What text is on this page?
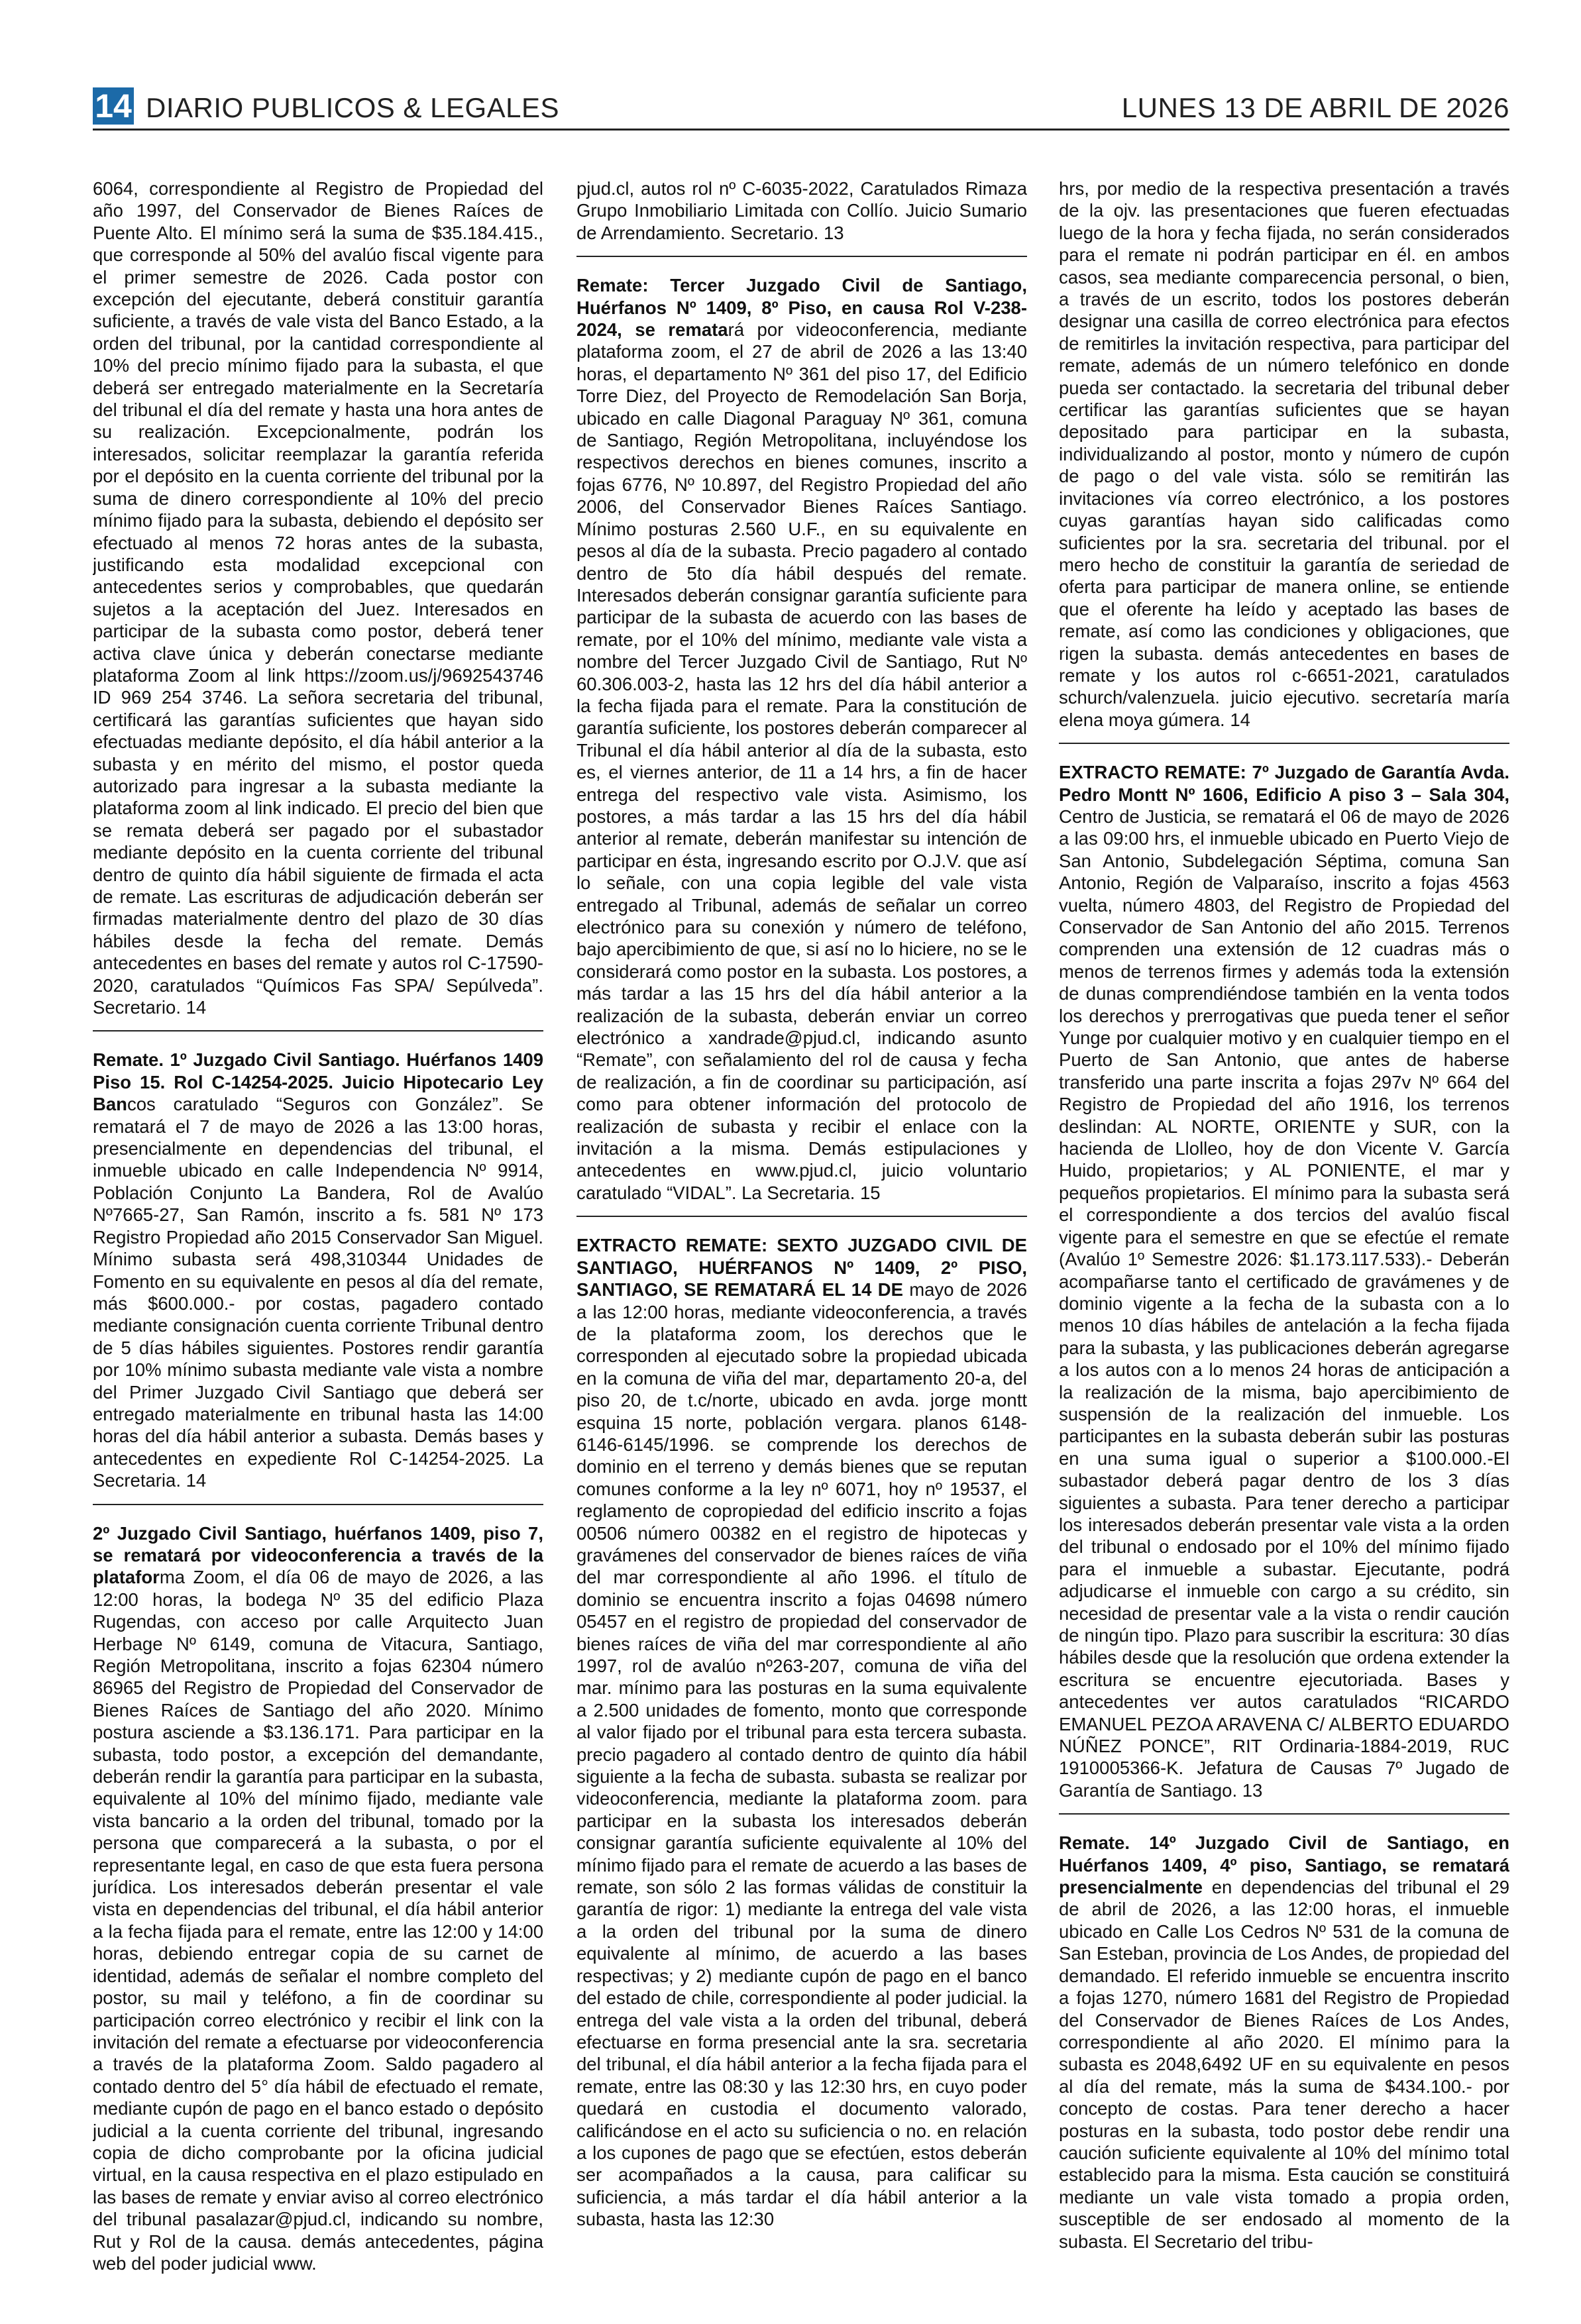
14 DIARIO PUBLICOS & LEGALES	LUNES 13 DE ABRIL DE 2026

6064, correspondiente al Registro de Propiedad del año 1997, del Conservador de Bienes Raíces de Puente Alto. El mínimo será la suma de $35.184.415., que corresponde al 50% del avalúo fiscal vigente para el primer semestre de 2026. Cada postor con excepción del ejecutante, deberá constituir garantía suficiente, a través de vale vista del Banco Estado, a la orden del tribunal, por la cantidad correspondiente al 10% del precio mínimo fijado para la subasta, el que deberá ser entregado materialmente en la Secretaría del tribunal el día del remate y hasta una hora antes de su realización. Excepcionalmente, podrán los interesados, solicitar reemplazar la garantía referida por el depósito en la cuenta corriente del tribunal por la suma de dinero correspondiente al 10% del precio mínimo fijado para la subasta, debiendo el depósito ser efectuado al menos 72 horas antes de la subasta, justificando esta modalidad excepcional con antecedentes serios y comprobables, que quedarán sujetos a la aceptación del Juez. Interesados en participar de la subasta como postor, deberá tener activa clave única y deberán conectarse mediante plataforma Zoom al link https://zoom.us/j/9692543746 ID 969 254 3746. La señora secretaria del tribunal, certificará las garantías suficientes que hayan sido efectuadas mediante depósito, el día hábil anterior a la subasta y en mérito del mismo, el postor queda autorizado para ingresar a la subasta mediante la plataforma zoom al link indicado. El precio del bien que se remata deberá ser pagado por el subastador mediante depósito en la cuenta corriente del tribunal dentro de quinto día hábil siguiente de firmada el acta de remate. Las escrituras de adjudicación deberán ser firmadas materialmente dentro del plazo de 30 días hábiles desde la fecha del remate. Demás antecedentes en bases del remate y autos rol C-17590-2020, caratulados “Químicos Fas SPA/ Sepúlveda”. Secretario. 14

Remate. 1º Juzgado Civil Santiago. Huérfanos 1409 Piso 15. Rol C-14254-2025. Juicio Hipotecario Ley Bancos caratulado “Seguros con González”. Se rematará el 7 de mayo de 2026 a las 13:00 horas, presencialmente en dependencias del tribunal, el inmueble ubicado en calle Independencia Nº 9914, Población Conjunto La Bandera, Rol de Avalúo Nº7665-27, San Ramón, inscrito a fs. 581 Nº 173 Registro Propiedad año 2015 Conservador San Miguel. Mínimo subasta será 498,310344 Unidades de Fomento en su equivalente en pesos al día del remate, más $600.000.- por costas, pagadero contado mediante consignación cuenta corriente Tribunal dentro de 5 días hábiles siguientes. Postores rendir garantía por 10% mínimo subasta mediante vale vista a nombre del Primer Juzgado Civil Santiago que deberá ser entregado materialmente en tribunal hasta las 14:00 horas del día hábil anterior a subasta. Demás bases y antecedentes en expediente Rol C-14254-2025. La Secretaria. 14

2º Juzgado Civil Santiago, huérfanos 1409, piso 7, se rematará por videoconferencia a través de la plataforma Zoom, el día 06 de mayo de 2026, a las 12:00 horas, la bodega Nº 35 del edificio Plaza Rugendas, con acceso por calle Arquitecto Juan Herbage Nº 6149, comuna de Vitacura, Santiago, Región Metropolitana, inscrito a fojas 62304 número 86965 del Registro de Propiedad del Conservador de Bienes Raíces de Santiago del año 2020. Mínimo postura asciende a $3.136.171. Para participar en la subasta, todo postor, a excepción del demandante, deberán rendir la garantía para participar en la subasta, equivalente al 10% del mínimo fijado, mediante vale vista bancario a la orden del tribunal, tomado por la persona que comparecerá a la subasta, o por el representante legal, en caso de que esta fuera persona jurídica. Los interesados deberán presentar el vale vista en dependencias del tribunal, el día hábil anterior a la fecha fijada para el remate, entre las 12:00 y 14:00 horas, debiendo entregar copia de su carnet de identidad, además de señalar el nombre completo del postor, su mail y teléfono, a fin de coordinar su participación correo electrónico y recibir el link con la invitación del remate a efectuarse por videoconferencia a través de la plataforma Zoom. Saldo pagadero al contado dentro del 5° día hábil de efectuado el remate, mediante cupón de pago en el banco estado o depósito judicial a la cuenta corriente del tribunal, ingresando copia de dicho comprobante por la oficina judicial virtual, en la causa respectiva en el plazo estipulado en las bases de remate y enviar aviso al correo electrónico del tribunal pasalazar@pjud.cl, indicando su nombre, Rut y Rol de la causa. demás antecedentes, página web del poder judicial www.

pjud.cl, autos rol nº C-6035-2022, Caratulados Rimaza Grupo Inmobiliario Limitada con Collío. Juicio Sumario de Arrendamiento. Secretario. 13

Remate: Tercer Juzgado Civil de Santiago, Huérfanos Nº 1409, 8º Piso, en causa Rol V-238-2024, se rematará por videoconferencia, mediante plataforma zoom, el 27 de abril de 2026 a las 13:40 horas, el departamento Nº 361 del piso 17, del Edificio Torre Diez, del Proyecto de Remodelación San Borja, ubicado en calle Diagonal Paraguay Nº 361, comuna de Santiago, Región Metropolitana, incluyéndose los respectivos derechos en bienes comunes, inscrito a fojas 6776, Nº 10.897, del Registro Propiedad del año 2006, del Conservador Bienes Raíces Santiago. Mínimo posturas 2.560 U.F., en su equivalente en pesos al día de la subasta. Precio pagadero al contado dentro de 5to día hábil después del remate. Interesados deberán consignar garantía suficiente para participar de la subasta de acuerdo con las bases de remate, por el 10% del mínimo, mediante vale vista a nombre del Tercer Juzgado Civil de Santiago, Rut Nº 60.306.003-2, hasta las 12 hrs del día hábil anterior a la fecha fijada para el remate. Para la constitución de garantía suficiente, los postores deberán comparecer al Tribunal el día hábil anterior al día de la subasta, esto es, el viernes anterior, de 11 a 14 hrs, a fin de hacer entrega del respectivo vale vista. Asimismo, los postores, a más tardar a las 15 hrs del día hábil anterior al remate, deberán manifestar su intención de participar en ésta, ingresando escrito por O.J.V. que así lo señale, con una copia legible del vale vista entregado al Tribunal, además de señalar un correo electrónico para su conexión y número de teléfono, bajo apercibimiento de que, si así no lo hiciere, no se le considerará como postor en la subasta. Los postores, a más tardar a las 15 hrs del día hábil anterior a la realización de la subasta, deberán enviar un correo electrónico a xandrade@pjud.cl, indicando asunto “Remate”, con señalamiento del rol de causa y fecha de realización, a fin de coordinar su participación, así como para obtener información del protocolo de realización de subasta y recibir el enlace con la invitación a la misma. Demás estipulaciones y antecedentes en www.pjud.cl, juicio voluntario caratulado “VIDAL”. La Secretaria. 15

EXTRACTO REMATE: SEXTO JUZGADO CIVIL DE SANTIAGO, HUÉRFANOS Nº 1409, 2º PISO, SANTIAGO, SE REMATARÁ EL 14 DE mayo de 2026 a las 12:00 horas, mediante videoconferencia, a través de la plataforma zoom, los derechos que le corresponden al ejecutado sobre la propiedad ubicada en la comuna de viña del mar, departamento 20-a, del piso 20, de t.c/norte, ubicado en avda. jorge montt esquina 15 norte, población vergara. planos 6148-6146-6145/1996. se comprende los derechos de dominio en el terreno y demás bienes que se reputan comunes conforme a la ley nº 6071, hoy nº 19537, el reglamento de copropiedad del edificio inscrito a fojas 00506 número 00382 en el registro de hipotecas y gravámenes del conservador de bienes raíces de viña del mar correspondiente al año 1996. el título de dominio se encuentra inscrito a fojas 04698 número 05457 en el registro de propiedad del conservador de bienes raíces de viña del mar correspondiente al año 1997, rol de avalúo nº263-207, comuna de viña del mar. mínimo para las posturas en la suma equivalente a 2.500 unidades de fomento, monto que corresponde al valor fijado por el tribunal para esta tercera subasta. precio pagadero al contado dentro de quinto día hábil siguiente a la fecha de subasta. subasta se realizar por videoconferencia, mediante la plataforma zoom. para participar en la subasta los interesados deberán consignar garantía suficiente equivalente al 10% del mínimo fijado para el remate de acuerdo a las bases de remate, son sólo 2 las formas válidas de constituir la garantía de rigor: 1) mediante la entrega del vale vista a la orden del tribunal por la suma de dinero equivalente al mínimo, de acuerdo a las bases respectivas; y 2) mediante cupón de pago en el banco del estado de chile, correspondiente al poder judicial. la entrega del vale vista a la orden del tribunal, deberá efectuarse en forma presencial ante la sra. secretaria del tribunal, el día hábil anterior a la fecha fijada para el remate, entre las 08:30 y las 12:30 hrs, en cuyo poder quedará en custodia el documento valorado, calificándose en el acto su suficiencia o no. en relación a los cupones de pago que se efectúen, estos deberán ser acompañados a la causa, para calificar su suficiencia, a más tardar el día hábil anterior a la subasta, hasta las 12:30

hrs, por medio de la respectiva presentación a través de la ojv. las presentaciones que fueren efectuadas luego de la hora y fecha fijada, no serán considerados para el remate ni podrán participar en él. en ambos casos, sea mediante comparecencia personal, o bien, a través de un escrito, todos los postores deberán designar una casilla de correo electrónica para efectos de remitirles la invitación respectiva, para participar del remate, además de un número telefónico en donde pueda ser contactado. la secretaria del tribunal deber certificar las garantías suficientes que se hayan depositado para participar en la subasta, individualizando al postor, monto y número de cupón de pago o del vale vista. sólo se remitirán las invitaciones vía correo electrónico, a los postores cuyas garantías hayan sido calificadas como suficientes por la sra. secretaria del tribunal. por el mero hecho de constituir la garantía de seriedad de oferta para participar de manera online, se entiende que el oferente ha leído y aceptado las bases de remate, así como las condiciones y obligaciones, que rigen la subasta. demás antecedentes en bases de remate y los autos rol c-6651-2021, caratulados schurch/valenzuela. juicio ejecutivo. secretaría maría elena moya gúmera. 14

EXTRACTO REMATE: 7º Juzgado de Garantía Avda. Pedro Montt Nº 1606, Edificio A piso 3 – Sala 304, Centro de Justicia, se rematará el 06 de mayo de 2026 a las 09:00 hrs, el inmueble ubicado en Puerto Viejo de San Antonio, Subdelegación Séptima, comuna San Antonio, Región de Valparaíso, inscrito a fojas 4563 vuelta, número 4803, del Registro de Propiedad del Conservador de San Antonio del año 2015. Terrenos comprenden una extensión de 12 cuadras más o menos de terrenos firmes y además toda la extensión de dunas comprendiéndose también en la venta todos los derechos y prerrogativas que pueda tener el señor Yunge por cualquier motivo y en cualquier tiempo en el Puerto de San Antonio, que antes de haberse transferido una parte inscrita a fojas 297v Nº 664 del Registro de Propiedad del año 1916, los terrenos deslindan: AL NORTE, ORIENTE y SUR, con la hacienda de Llolleo, hoy de don Vicente V. García Huido, propietarios; y AL PONIENTE, el mar y pequeños propietarios. El mínimo para la subasta será el correspondiente a dos tercios del avalúo fiscal vigente para el semestre en que se efectúe el remate (Avalúo 1º Semestre 2026: $1.173.117.533).- Deberán acompañarse tanto el certificado de gravámenes y de dominio vigente a la fecha de la subasta con a lo menos 10 días hábiles de antelación a la fecha fijada para la subasta, y las publicaciones deberán agregarse a los autos con a lo menos 24 horas de anticipación a la realización de la misma, bajo apercibimiento de suspensión de la realización del inmueble. Los participantes en la subasta deberán subir las posturas en una suma igual o superior a $100.000.-El subastador deberá pagar dentro de los 3 días siguientes a subasta. Para tener derecho a participar los interesados deberán presentar vale vista a la orden del tribunal o endosado por el 10% del mínimo fijado para el inmueble a subastar. Ejecutante, podrá adjudicarse el inmueble con cargo a su crédito, sin necesidad de presentar vale a la vista o rendir caución de ningún tipo. Plazo para suscribir la escritura: 30 días hábiles desde que la resolución que ordena extender la escritura se encuentre ejecutoriada. Bases y antecedentes ver autos caratulados “RICARDO EMANUEL PEZOA ARAVENA C/ ALBERTO EDUARDO NÚÑEZ PONCE”, RIT Ordinaria-1884-2019, RUC 1910005366-K. Jefatura de Causas 7º Jugado de Garantía de Santiago. 13

Remate. 14º Juzgado Civil de Santiago, en Huérfanos 1409, 4º piso, Santiago, se rematará presencialmente en dependencias del tribunal el 29 de abril de 2026, a las 12:00 horas, el inmueble ubicado en Calle Los Cedros Nº 531 de la comuna de San Esteban, provincia de Los Andes, de propiedad del demandado. El referido inmueble se encuentra inscrito a fojas 1270, número 1681 del Registro de Propiedad del Conservador de Bienes Raíces de Los Andes, correspondiente al año 2020. El mínimo para la subasta es 2048,6492 UF en su equivalente en pesos al día del remate, más la suma de $434.100.- por concepto de costas. Para tener derecho a hacer posturas en la subasta, todo postor debe rendir una caución suficiente equivalente al 10% del mínimo total establecido para la misma. Esta caución se constituirá mediante un vale vista tomado a propia orden, susceptible de ser endosado al momento de la subasta. El Secretario del tribu-
